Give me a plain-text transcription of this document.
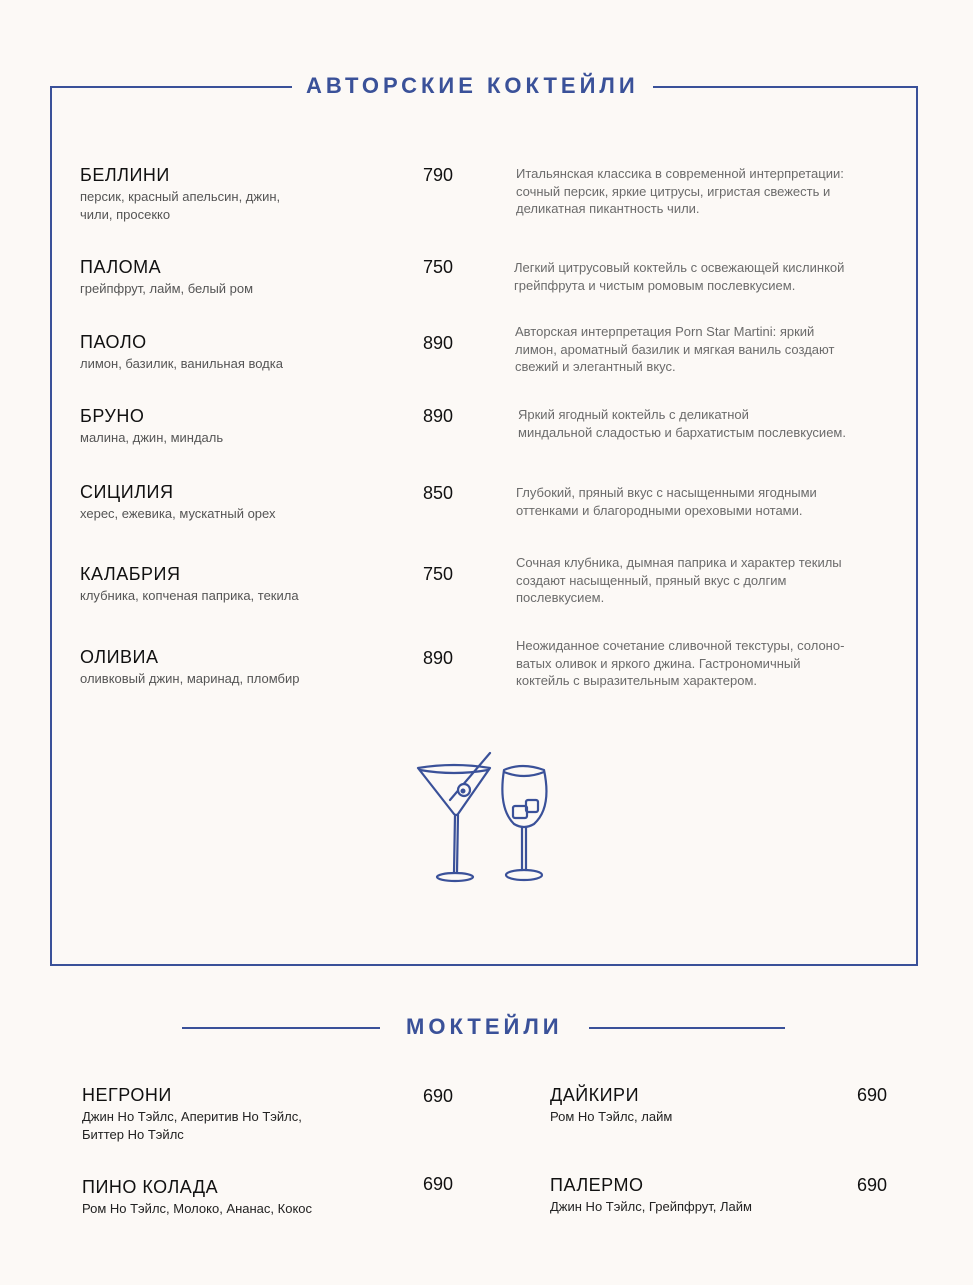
АВТОРСКИЕ КОКТЕЙЛИ
БЕЛЛИНИ
персик, красный апельсин, джин,
чили, просекко
790	Итальянская классика в современной интерпретации:
сочный персик, яркие цитрусы, игристая свежесть и
деликатная пикантность чили.
ПАЛОМА
грейпфрут, лайм, белый ром
750	Легкий цитрусовый коктейль с освежающей кислинкой
грейпфрута и чистым ромовым послевкусием.
ПАОЛО
лимон, базилик, ванильная водка
890
Авторская интерпретация Porn Star Martini: яркий
лимон, ароматный базилик и мягкая ваниль создают
свежий и элегантный вкус.
БРУНО
малина, джин, миндаль
890	Яркий ягодный коктейль с деликатной
миндальной сладостью и бархатистым послевкусием.
СИЦИЛИЯ
херес, ежевика, мускатный орех
850	Глубокий, пряный вкус с насыщенными ягодными
оттенками и благородными ореховыми нотами.
КАЛАБРИЯ
клубника, копченая паприка, текила
750
Сочная клубника, дымная паприка и характер текилы
создают насыщенный, пряный вкус с долгим
послевкусием.
ОЛИВИА
оливковый джин, маринад, пломбир
890
Неожиданное сочетание сливочной текстуры, солоно-
ватых оливок и яркого джина. Гастрономичный
коктейль с выразительным характером.
МОКТЕЙЛИ
НЕГРОНИ
Джин Но Тэйлс, Аперитив Но Тэйлс,
Биттер Но Тэйлс
690	ДАЙКИРИ
Ром Но Тэйлс, лайм
690
ПИНО КОЛАДА
Ром Но Тэйлс, Молоко, Ананас, Кокос
690	ПАЛЕРМО
Джин Но Тэйлс, Грейпфрут, Лайм
690
